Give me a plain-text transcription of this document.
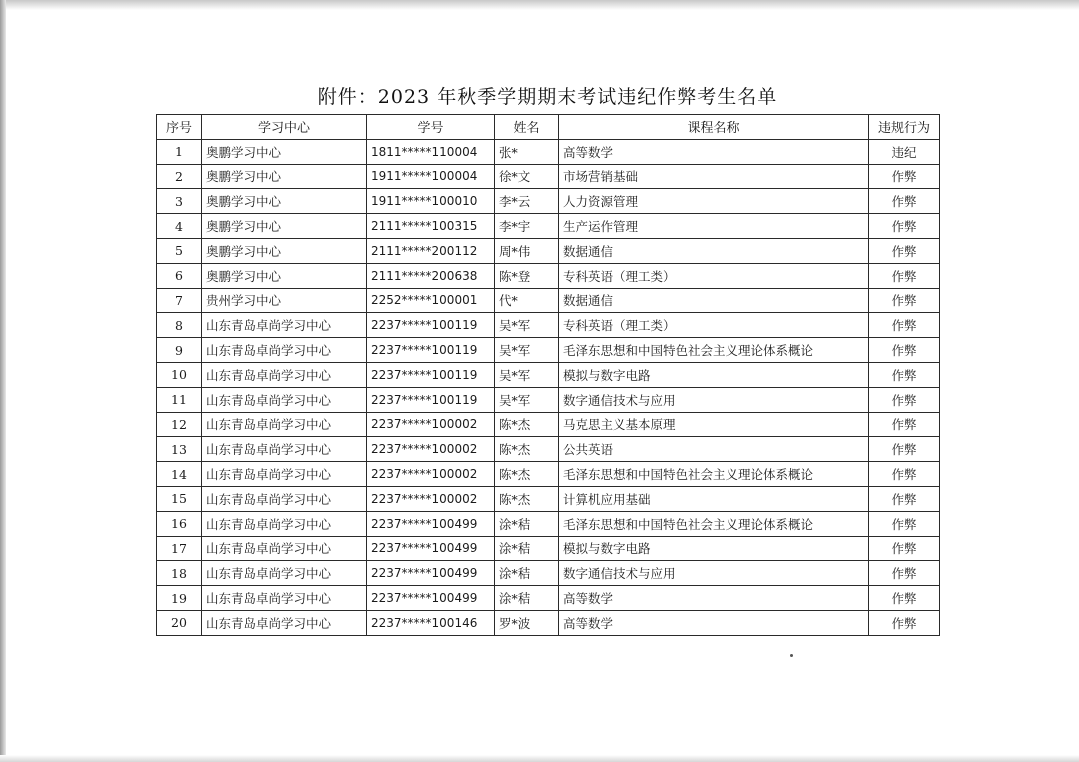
附件：2023 年秋季学期期末考试违纪作弊考生名单
序号	学习中心	学号	姓名	课程名称	违规行为
1	奥鹏学习中心	1811*****110004	张*	高等数学	违纪
2	奥鹏学习中心	1911*****100004	徐*文	市场营销基础	作弊
3	奥鹏学习中心	1911*****100010	李*云	人力资源管理	作弊
4	奥鹏学习中心	2111*****100315	李*宇	生产运作管理	作弊
5	奥鹏学习中心	2111*****200112	周*伟	数据通信	作弊
6	奥鹏学习中心	2111*****200638	陈*登	专科英语（理工类）	作弊
7	贵州学习中心	2252*****100001	代*	数据通信	作弊
8	山东青岛卓尚学习中心	2237*****100119	吴*军	专科英语（理工类）	作弊
9	山东青岛卓尚学习中心	2237*****100119	吴*军	毛泽东思想和中国特色社会主义理论体系概论	作弊
10	山东青岛卓尚学习中心	2237*****100119	吴*军	模拟与数字电路	作弊
11	山东青岛卓尚学习中心	2237*****100119	吴*军	数字通信技术与应用	作弊
12	山东青岛卓尚学习中心	2237*****100002	陈*杰	马克思主义基本原理	作弊
13	山东青岛卓尚学习中心	2237*****100002	陈*杰	公共英语	作弊
14	山东青岛卓尚学习中心	2237*****100002	陈*杰	毛泽东思想和中国特色社会主义理论体系概论	作弊
15	山东青岛卓尚学习中心	2237*****100002	陈*杰	计算机应用基础	作弊
16	山东青岛卓尚学习中心	2237*****100499	涂*秸	毛泽东思想和中国特色社会主义理论体系概论	作弊
17	山东青岛卓尚学习中心	2237*****100499	涂*秸	模拟与数字电路	作弊
18	山东青岛卓尚学习中心	2237*****100499	涂*秸	数字通信技术与应用	作弊
19	山东青岛卓尚学习中心	2237*****100499	涂*秸	高等数学	作弊
20	山东青岛卓尚学习中心	2237*****100146	罗*波	高等数学	作弊
